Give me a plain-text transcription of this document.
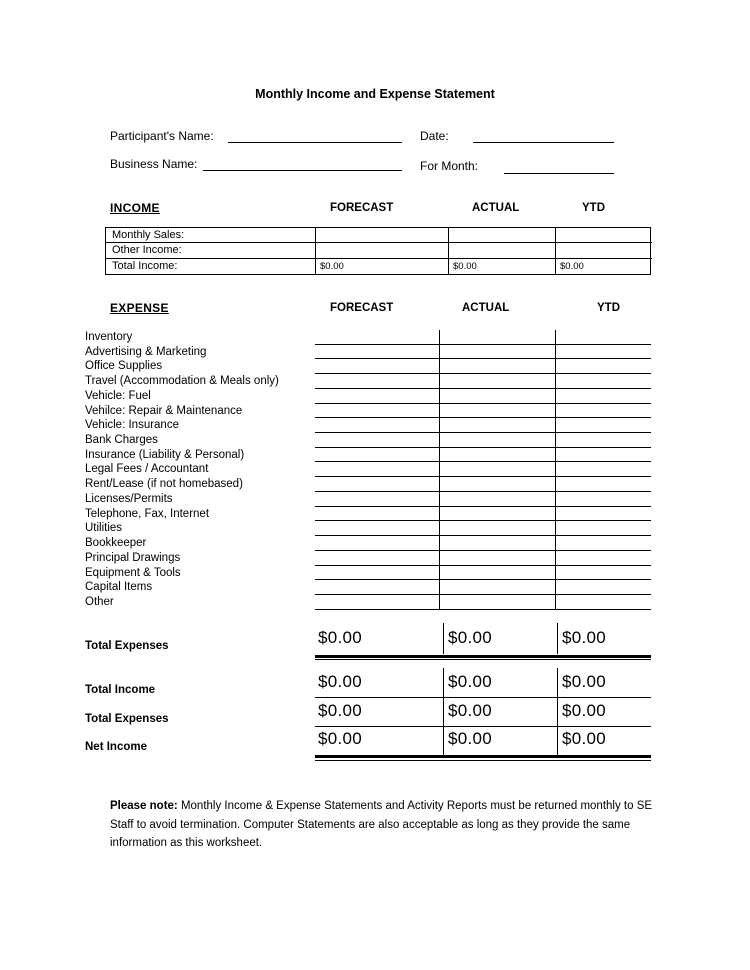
Monthly Income and Expense Statement
Participant's Name:	Date:
Business Name:	For Month:
INCOME	FORECAST	ACTUAL	YTD
Monthly Sales:
Other Income:
Total Income:	$0.00	$0.00	$0.00
EXPENSE	FORECAST	ACTUAL	YTD
Inventory
Advertising & Marketing
Office Supplies
Travel (Accommodation & Meals only)
Vehicle: Fuel
Vehilce: Repair & Maintenance
Vehicle: Insurance
Bank Charges
Insurance (Liability & Personal)
Legal Fees / Accountant
Rent/Lease (if not homebased)
Licenses/Permits
Telephone, Fax, Internet
Utilities
Bookkeeper
Principal Drawings
Equipment & Tools
Capital Items
Other
Total Expenses	$0.00	$0.00	$0.00
Total Income	$0.00	$0.00	$0.00
Total Expenses	$0.00	$0.00	$0.00
Net Income	$0.00	$0.00	$0.00
Please note: Monthly Income & Expense Statements and Activity Reports must be returned monthly to SE Staff to avoid termination. Computer Statements are also acceptable as long as they provide the same information as this worksheet.
